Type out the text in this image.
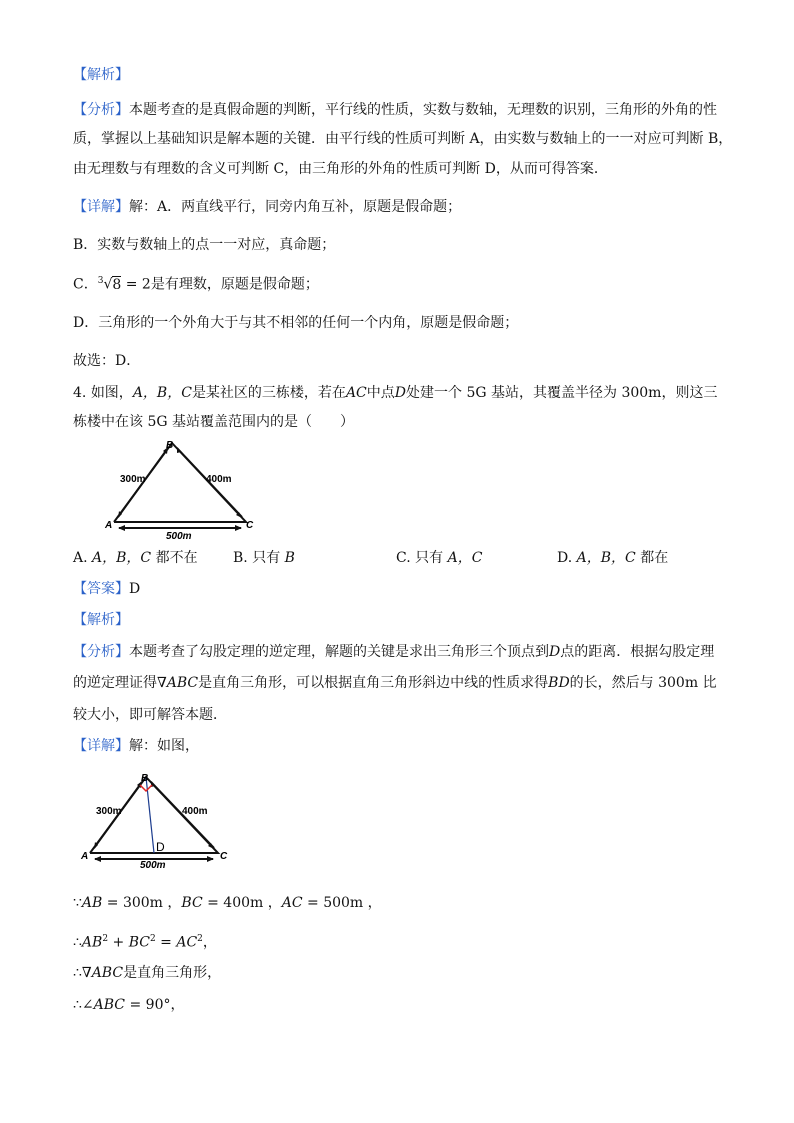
【解析】
【分析】本题考查的是真假命题的判断，平行线的性质，实数与数轴，无理数的识别，三角形的外角的性
质，掌握以上基础知识是解本题的关键．由平行线的性质可判断 A，由实数与数轴上的一一对应可判断 B，
由无理数与有理数的含义可判断 C，由三角形的外角的性质可判断 D，从而可得答案．
【详解】解：A．两直线平行，同旁内角互补，原题是假命题；
B．实数与数轴上的点一一对应，真命题；
C．$^3$√8 = 2是有理数，原题是假命题；
D．三角形的一个外角大于与其不相邻的任何一个内角，原题是假命题；
故选：D．
4. 如图，A，B，C是某社区的三栋楼，若在AC中点D处建一个 5G 基站，其覆盖半径为 300m，则这三
栋楼中在该 5G 基站覆盖范围内的是（　　）
B
A	C
300m	400m
500m
A. A，B，C 都不在	B. 只有 B	C. 只有 A，C	D. A，B，C 都在
【答案】D
【解析】
【分析】本题考查了勾股定理的逆定理，解题的关键是求出三角形三个顶点到D点的距离．根据勾股定理
的逆定理证得∇ABC是直角三角形，可以根据直角三角形斜边中线的性质求得BD的长，然后与 300m 比
较大小，即可解答本题．
【详解】解：如图，
B
A	C
D
300m	400m
500m
∵AB = 300m ，BC = 400m ，AC = 500m ，
$\therefore AB^2 + BC^2 = AC^2$，
∴∇ABC是直角三角形，
∴∠ABC = 90°，
